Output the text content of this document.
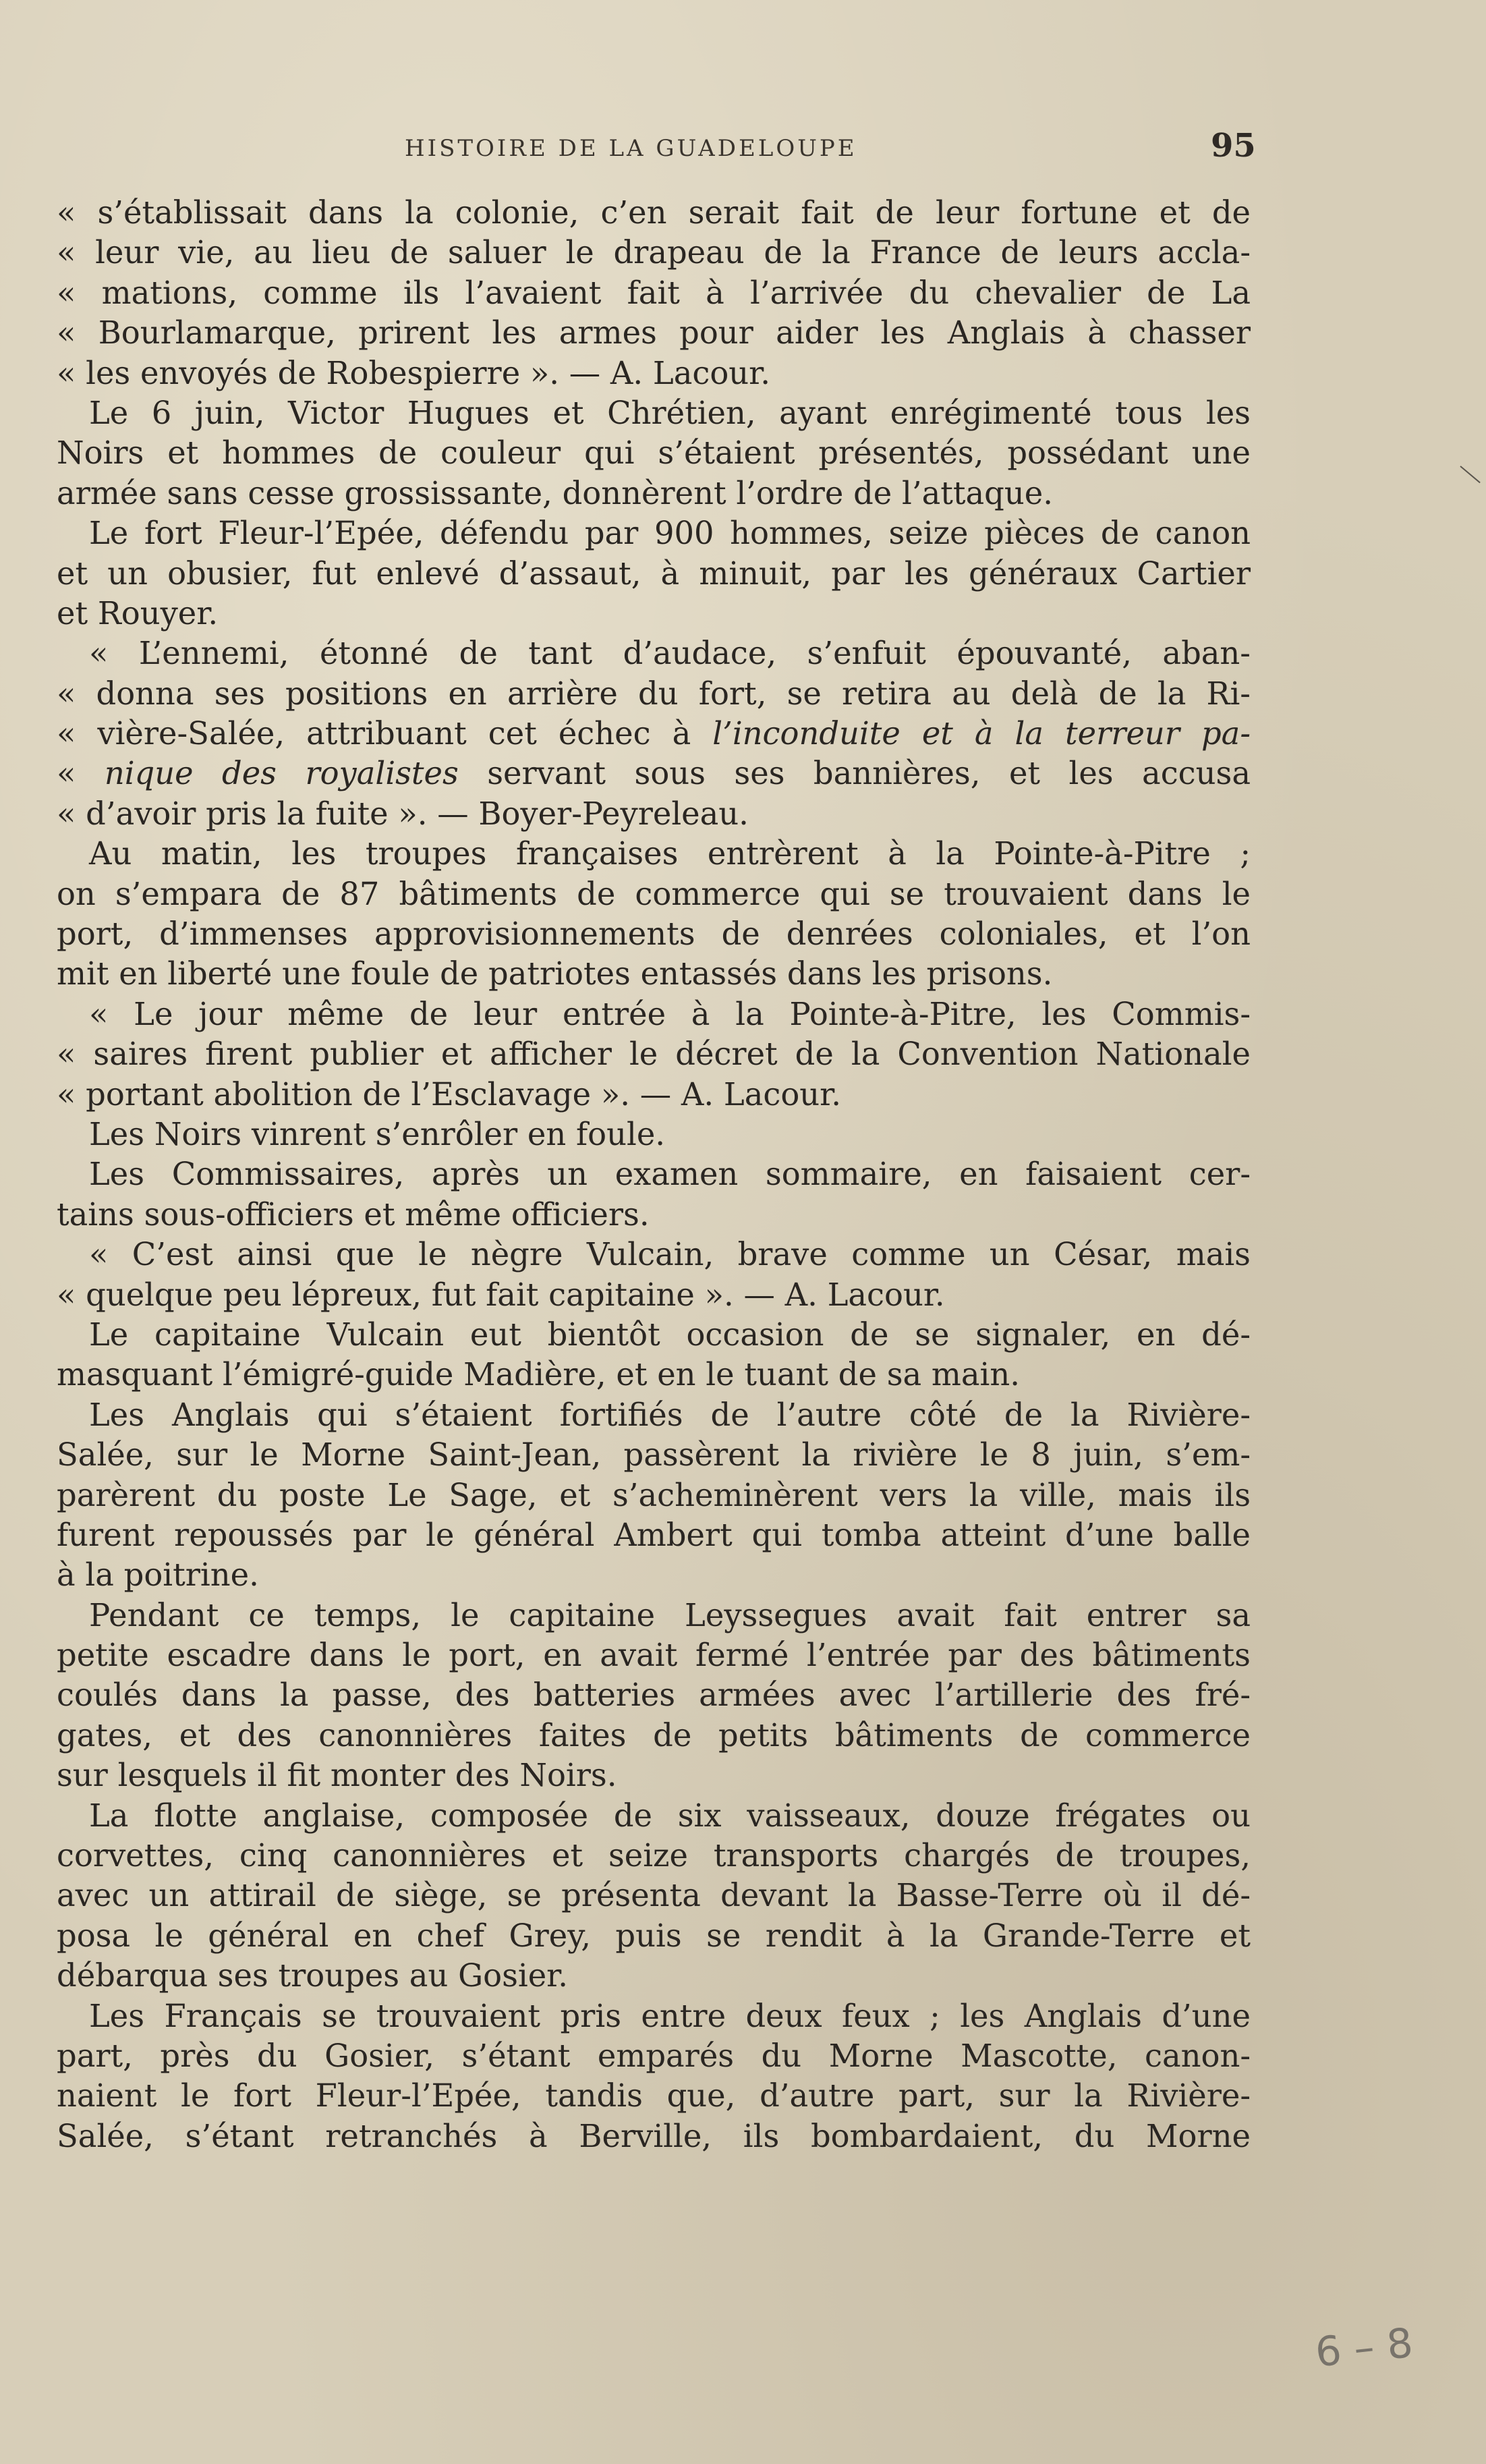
HISTOIRE DE LA GUADELOUPE	95
« s’établissait dans la colonie, c’en serait fait de leur fortune et de
« leur vie, au lieu de saluer le drapeau de la France de leurs accla-
« mations, comme ils l’avaient fait à l’arrivée du chevalier de La
« Bourlamarque, prirent les armes pour aider les Anglais à chasser
« les envoyés de Robespierre ». — A. Lacour.
Le 6 juin, Victor Hugues et Chrétien, ayant enrégimenté tous les
Noirs et hommes de couleur qui s’étaient présentés, possédant une
armée sans cesse grossissante, donnèrent l’ordre de l’attaque.
Le fort Fleur-l’Epée, défendu par 900 hommes, seize pièces de canon
et un obusier, fut enlevé d’assaut, à minuit, par les généraux Cartier
et Rouyer.
« L’ennemi, étonné de tant d’audace, s’enfuit épouvanté, aban-
« donna ses positions en arrière du fort, se retira au delà de la Ri-
« vière-Salée, attribuant cet échec à l’inconduite et à la terreur pa-
« nique des royalistes servant sous ses bannières, et les accusa
« d’avoir pris la fuite ». — Boyer-Peyreleau.
Au matin, les troupes françaises entrèrent à la Pointe-à-Pitre ;
on s’empara de 87 bâtiments de commerce qui se trouvaient dans le
port, d’immenses approvisionnements de denrées coloniales, et l’on
mit en liberté une foule de patriotes entassés dans les prisons.
« Le jour même de leur entrée à la Pointe-à-Pitre, les Commis-
« saires firent publier et afficher le décret de la Convention Nationale
« portant abolition de l’Esclavage ». — A. Lacour.
Les Noirs vinrent s’enrôler en foule.
Les Commissaires, après un examen sommaire, en faisaient cer-
tains sous-officiers et même officiers.
« C’est ainsi que le nègre Vulcain, brave comme un César, mais
« quelque peu lépreux, fut fait capitaine ». — A. Lacour.
Le capitaine Vulcain eut bientôt occasion de se signaler, en dé-
masquant l’émigré-guide Madière, et en le tuant de sa main.
Les Anglais qui s’étaient fortifiés de l’autre côté de la Rivière-
Salée, sur le Morne Saint-Jean, passèrent la rivière le 8 juin, s’em-
parèrent du poste Le Sage, et s’acheminèrent vers la ville, mais ils
furent repoussés par le général Ambert qui tomba atteint d’une balle
à la poitrine.
Pendant ce temps, le capitaine Leyssegues avait fait entrer sa
petite escadre dans le port, en avait fermé l’entrée par des bâtiments
coulés dans la passe, des batteries armées avec l’artillerie des fré-
gates, et des canonnières faites de petits bâtiments de commerce
sur lesquels il fit monter des Noirs.
La flotte anglaise, composée de six vaisseaux, douze frégates ou
corvettes, cinq canonnières et seize transports chargés de troupes,
avec un attirail de siège, se présenta devant la Basse-Terre où il dé-
posa le général en chef Grey, puis se rendit à la Grande-Terre et
débarqua ses troupes au Gosier.
Les Français se trouvaient pris entre deux feux ; les Anglais d’une
part, près du Gosier, s’étant emparés du Morne Mascotte, canon-
naient le fort Fleur-l’Epée, tandis que, d’autre part, sur la Rivière-
Salée, s’étant retranchés à Berville, ils bombardaient, du Morne
6 – 8
